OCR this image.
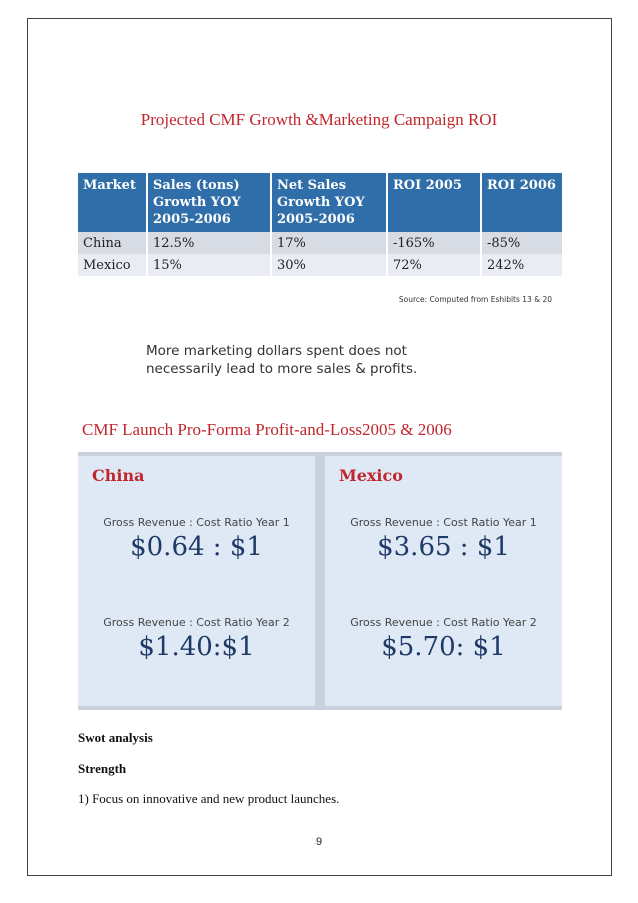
Projected CMF Growth &Marketing Campaign ROI
Market	Sales (tons) Growth YOY 2005-2006	Net Sales Growth YOY 2005-2006	ROI 2005	ROI 2006
China	12.5%	17%	-165%	-85%
Mexico	15%	30%	72%	242%
Source: Computed from Eshibits 13 & 20
More marketing dollars spent does not necessarily lead to more sales & profits.
CMF Launch Pro-Forma Profit-and-Loss2005 & 2006
China
Gross Revenue : Cost Ratio Year 1
$0.64 : $1
Gross Revenue : Cost Ratio Year 2
$1.40:$1
Mexico
Gross Revenue : Cost Ratio Year 1
$3.65 : $1
Gross Revenue : Cost Ratio Year 2
$5.70: $1
Swot analysis
Strength
1) Focus on innovative and new product launches.
9
